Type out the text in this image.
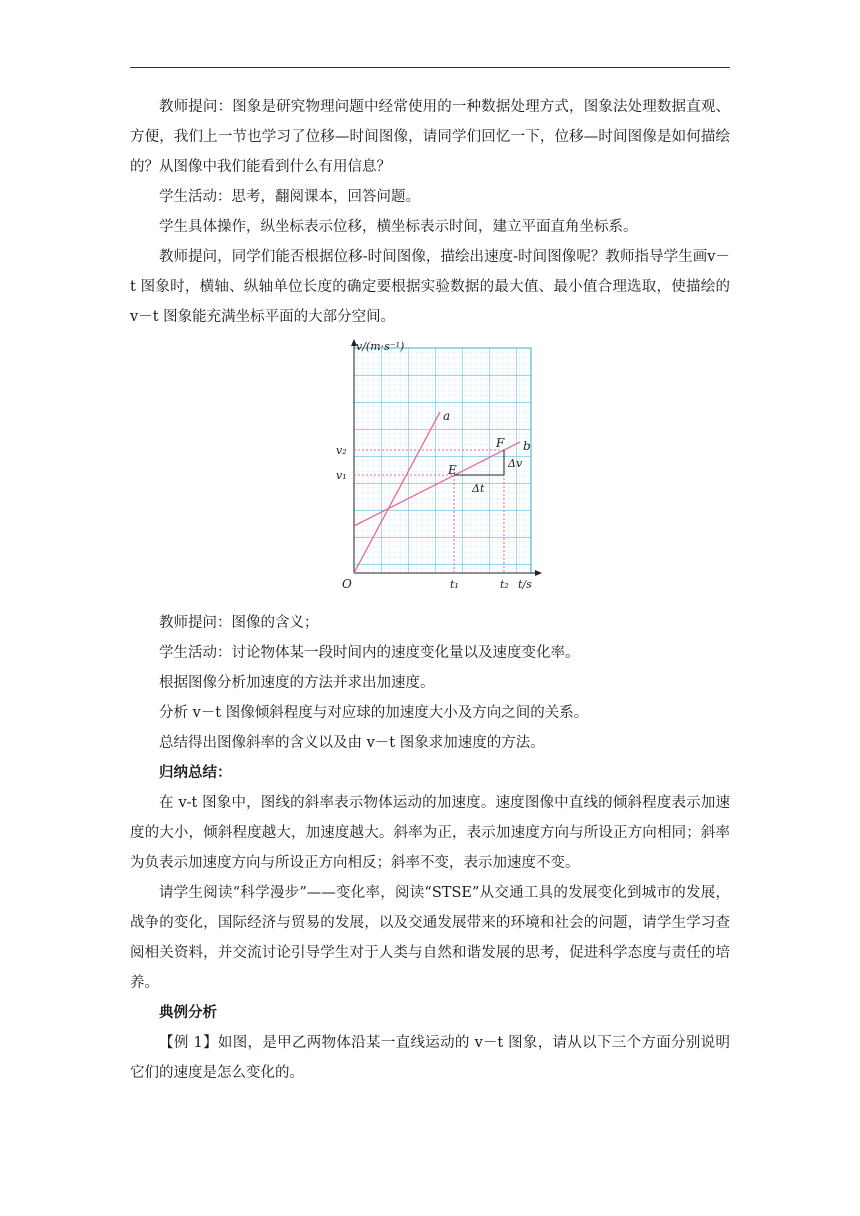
教师提问：图象是研究物理问题中经常使用的一种数据处理方式，图象法处理数据直观、方便，我们上一节也学习了位移—时间图像，请同学们回忆一下，位移—时间图像是如何描绘的？从图像中我们能看到什么有用信息？

学生活动：思考，翻阅课本，回答问题。

学生具体操作，纵坐标表示位移，横坐标表示时间，建立平面直角坐标系。

教师提问，同学们能否根据位移-时间图像，描绘出速度-时间图像呢？教师指导学生画v－t 图象时，横轴、纵轴单位长度的确定要根据实验数据的最大值、最小值合理选取，使描绘的 v－t 图象能充满坐标平面的大部分空间。

v/(m·s⁻¹)
t/s
O
a
b
E
F
v₁
v₂
t₁	t₂
Δt
Δv

教师提问：图像的含义；

学生活动：讨论物体某一段时间内的速度变化量以及速度变化率。

根据图像分析加速度的方法并求出加速度。

分析 v－t 图像倾斜程度与对应球的加速度大小及方向之间的关系。

总结得出图像斜率的含义以及由 v－t 图象求加速度的方法。

归纳总结：

在 v-t 图象中，图线的斜率表示物体运动的加速度。速度图像中直线的倾斜程度表示加速度的大小，倾斜程度越大，加速度越大。斜率为正，表示加速度方向与所设正方向相同；斜率为负表示加速度方向与所设正方向相反；斜率不变，表示加速度不变。

请学生阅读“科学漫步”——变化率，阅读“STSE”从交通工具的发展变化到城市的发展，战争的变化，国际经济与贸易的发展，以及交通发展带来的环境和社会的问题，请学生学习查阅相关资料，并交流讨论引导学生对于人类与自然和谐发展的思考，促进科学态度与责任的培养。

典例分析

【例 1】如图，是甲乙两物体沿某一直线运动的 v－t 图象，请从以下三个方面分别说明它们的速度是怎么变化的。
